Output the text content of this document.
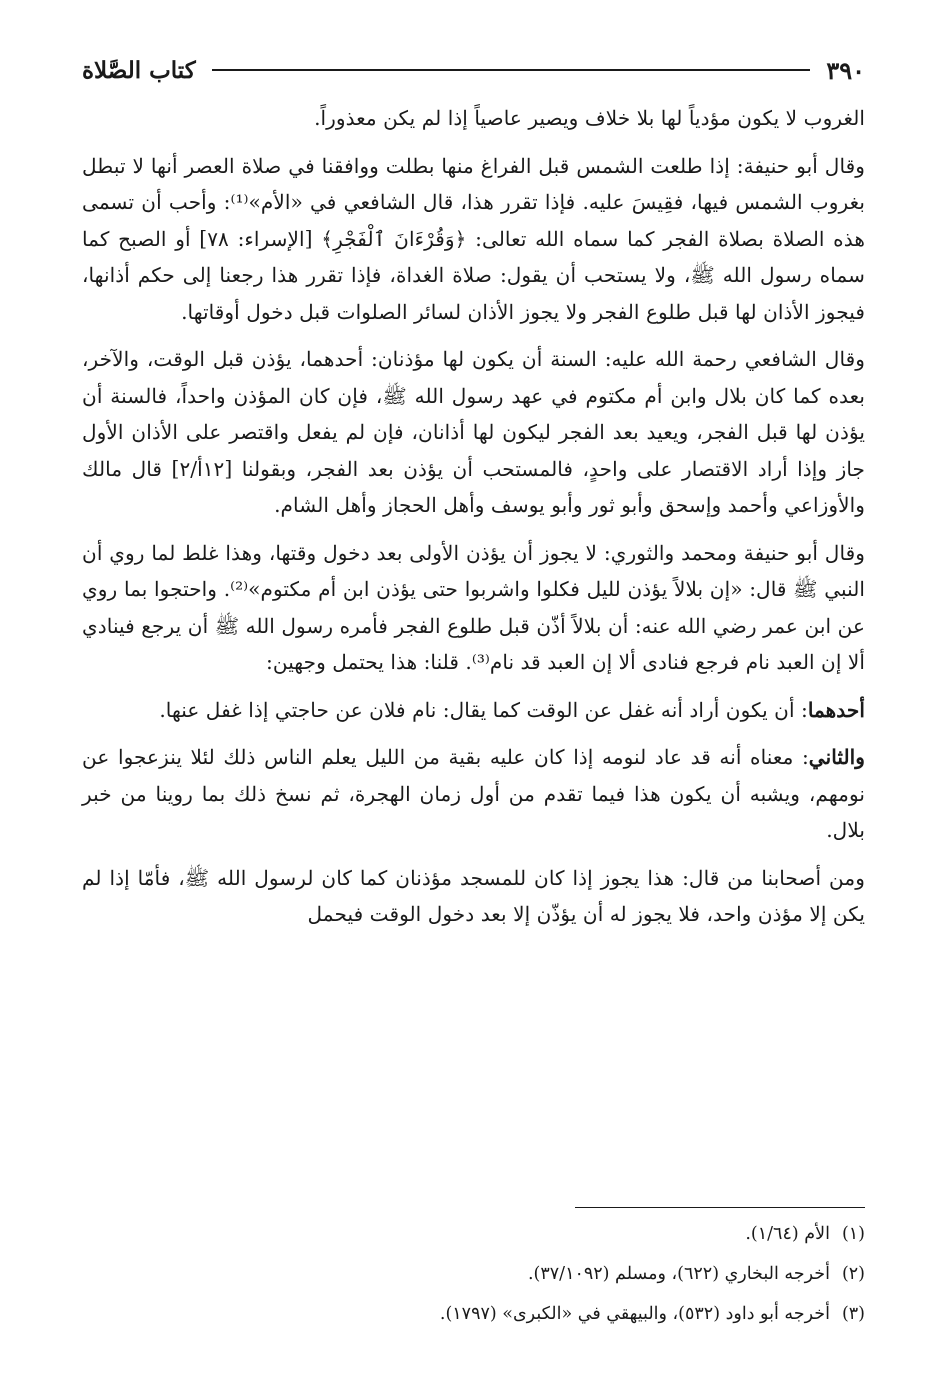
٣٩٠
كتاب الصَّلاة

الغروب لا يكون مؤدياً لها بلا خلاف ويصير عاصياً إذا لم يكن معذوراً.

وقال أبو حنيفة: إذا طلعت الشمس قبل الفراغ منها بطلت ووافقنا في صلاة العصر أنها لا تبطل بغروب الشمس فيها، فقِيسَ عليه. فإذا تقرر هذا، قال الشافعي في «الأم»⁽¹⁾: وأحب أن تسمى هذه الصلاة بصلاة الفجر كما سماه الله تعالى: ﴿وَقُرْءَانَ ٱلْفَجْرِ﴾ [الإسراء: ٧٨] أو الصبح كما سماه رسول الله ﷺ، ولا يستحب أن يقول: صلاة الغداة، فإذا تقرر هذا رجعنا إلى حكم أذانها، فيجوز الأذان لها قبل طلوع الفجر ولا يجوز الأذان لسائر الصلوات قبل دخول أوقاتها.

وقال الشافعي رحمة الله عليه: السنة أن يكون لها مؤذنان: أحدهما، يؤذن قبل الوقت، والآخر، بعده كما كان بلال وابن أم مكتوم في عهد رسول الله ﷺ، فإن كان المؤذن واحداً، فالسنة أن يؤذن لها قبل الفجر، ويعيد بعد الفجر ليكون لها أذانان، فإن لم يفعل واقتصر على الأذان الأول جاز وإذا أراد الاقتصار على واحدٍ، فالمستحب أن يؤذن بعد الفجر، وبقولنا [١٢أ/٢] قال مالك والأوزاعي وأحمد وإسحق وأبو ثور وأبو يوسف وأهل الحجاز وأهل الشام.

وقال أبو حنيفة ومحمد والثوري: لا يجوز أن يؤذن الأولى بعد دخول وقتها، وهذا غلط لما روي أن النبي ﷺ قال: «إن بلالاً يؤذن لليل فكلوا واشربوا حتى يؤذن ابن أم مكتوم»⁽²⁾. واحتجوا بما روي عن ابن عمر رضي الله عنه: أن بلالاً أذّن قبل طلوع الفجر فأمره رسول الله ﷺ أن يرجع فينادي ألا إن العبد نام فرجع فنادى ألا إن العبد قد نام⁽³⁾. قلنا: هذا يحتمل وجهين:

أحدهما: أن يكون أراد أنه غفل عن الوقت كما يقال: نام فلان عن حاجتي إذا غفل عنها.

والثاني: معناه أنه قد عاد لنومه إذا كان عليه بقية من الليل يعلم الناس ذلك لئلا ينزعجوا عن نومهم، ويشبه أن يكون هذا فيما تقدم من أول زمان الهجرة، ثم نسخ ذلك بما روينا من خبر بلال.

ومن أصحابنا من قال: هذا يجوز إذا كان للمسجد مؤذنان كما كان لرسول الله ﷺ، فأمّا إذا لم يكن إلا مؤذن واحد، فلا يجوز له أن يؤذّن إلا بعد دخول الوقت فيحمل

(١)الأم (١/٦٤).

(٢)أخرجه البخاري (٦٢٢)، ومسلم (٣٧/١٠٩٢).

(٣)أخرجه أبو داود (٥٣٢)، والبيهقي في «الكبرى» (١٧٩٧).
